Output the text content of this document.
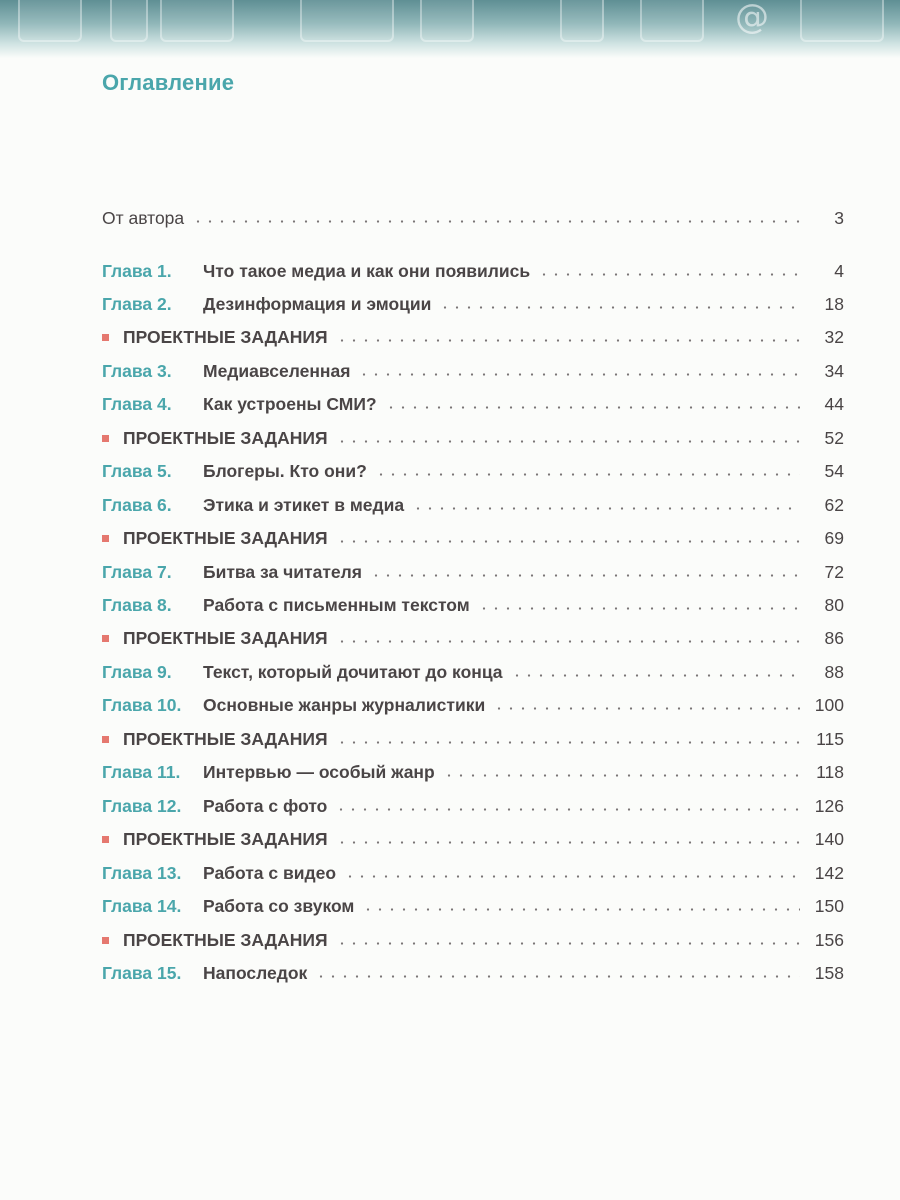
@
Оглавление
От автора	3
Глава 1.	Что такое медиа и как они появились	4
Глава 2.	Дезинформация и эмоции	18
ПРОЕКТНЫЕ ЗАДАНИЯ	32
Глава 3.	Медиавселенная	34
Глава 4.	Как устроены СМИ?	44
ПРОЕКТНЫЕ ЗАДАНИЯ	52
Глава 5.	Блогеры. Кто они?	54
Глава 6.	Этика и этикет в медиа	62
ПРОЕКТНЫЕ ЗАДАНИЯ	69
Глава 7.	Битва за читателя	72
Глава 8.	Работа с письменным текстом	80
ПРОЕКТНЫЕ ЗАДАНИЯ	86
Глава 9.	Текст, который дочитают до конца	88
Глава 10.	Основные жанры журналистики	100
ПРОЕКТНЫЕ ЗАДАНИЯ	115
Глава 11.	Интервью — особый жанр	118
Глава 12.	Работа с фото	126
ПРОЕКТНЫЕ ЗАДАНИЯ	140
Глава 13.	Работа с видео	142
Глава 14.	Работа со звуком	150
ПРОЕКТНЫЕ ЗАДАНИЯ	156
Глава 15.	Напоследок	158
